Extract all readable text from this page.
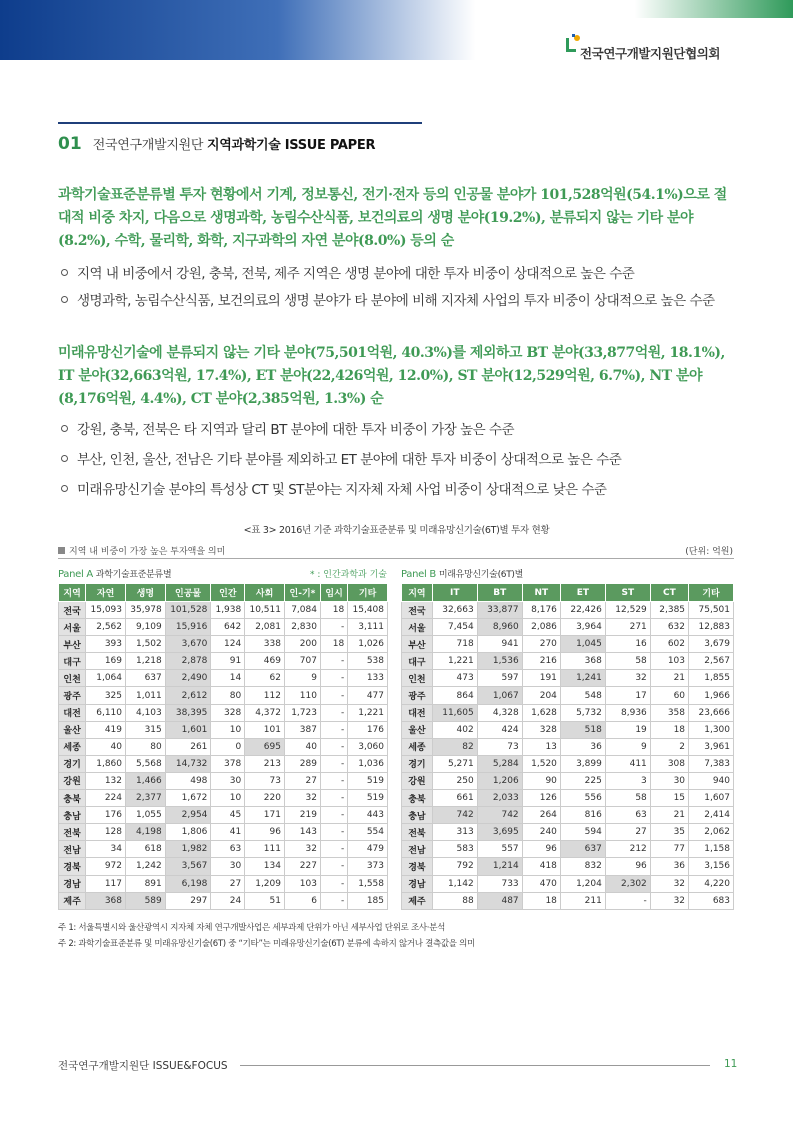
전국연구개발지원단협의회
01 전국연구개발지원단 지역과학기술 ISSUE PAPER
과학기술표준분류별 투자 현황에서 기계, 정보통신, 전기·전자 등의 인공물 분야가 101,528억원(54.1%)으로 절대적 비중 차지, 다음으로 생명과학, 농림수산식품, 보건의료의 생명 분야(19.2%), 분류되지 않는 기타 분야(8.2%), 수학, 물리학, 화학, 지구과학의 자연 분야(8.0%) 등의 순
지역 내 비중에서 강원, 충북, 전북, 제주 지역은 생명 분야에 대한 투자 비중이 상대적으로 높은 수준
생명과학, 농림수산식품, 보건의료의 생명 분야가 타 분야에 비해 지자체 사업의 투자 비중이 상대적으로 높은 수준
미래유망신기술에 분류되지 않는 기타 분야(75,501억원, 40.3%)를 제외하고 BT 분야(33,877억원, 18.1%), IT 분야(32,663억원, 17.4%), ET 분야(22,426억원, 12.0%), ST 분야(12,529억원, 6.7%), NT 분야(8,176억원, 4.4%), CT 분야(2,385억원, 1.3%) 순
강원, 충북, 전북은 타 지역과 달리 BT 분야에 대한 투자 비중이 가장 높은 수준
부산, 인천, 울산, 전남은 기타 분야를 제외하고 ET 분야에 대한 투자 비중이 상대적으로 높은 수준
미래유망신기술 분야의 특성상 CT 및 ST분야는 지자체 자체 사업 비중이 상대적으로 낮은 수준
<표 3> 2016년 기준 과학기술표준분류 및 미래유망신기술(6T)별 투자 현황
지역 내 비중이 가장 높은 투자액을 의미	(단위: 억원)
Panel A 과학기술표준분류별	* : 인간과학과 기술 Panel B 미래유망신기술(6T)별
지역	자연	생명	인공물	인간	사회	인-기*	임시	기타
전국	15,093	35,978	101,528	1,938	10,511	7,084	18	15,408
서울	2,562	9,109	15,916	642	2,081	2,830	-	3,111
부산	393	1,502	3,670	124	338	200	18	1,026
대구	169	1,218	2,878	91	469	707	-	538
인천	1,064	637	2,490	14	62	9	-	133
광주	325	1,011	2,612	80	112	110	-	477
대전	6,110	4,103	38,395	328	4,372	1,723	-	1,221
울산	419	315	1,601	10	101	387	-	176
세종	40	80	261	0	695	40	-	3,060
경기	1,860	5,568	14,732	378	213	289	-	1,036
강원	132	1,466	498	30	73	27	-	519
충북	224	2,377	1,672	10	220	32	-	519
충남	176	1,055	2,954	45	171	219	-	443
전북	128	4,198	1,806	41	96	143	-	554
전남	34	618	1,982	63	111	32	-	479
경북	972	1,242	3,567	30	134	227	-	373
경남	117	891	6,198	27	1,209	103	-	1,558
제주	368	589	297	24	51	6	-	185
지역	IT	BT	NT	ET	ST	CT	기타
전국	32,663	33,877	8,176	22,426	12,529	2,385	75,501
서울	7,454	8,960	2,086	3,964	271	632	12,883
부산	718	941	270	1,045	16	602	3,679
대구	1,221	1,536	216	368	58	103	2,567
인천	473	597	191	1,241	32	21	1,855
광주	864	1,067	204	548	17	60	1,966
대전	11,605	4,328	1,628	5,732	8,936	358	23,666
울산	402	424	328	518	19	18	1,300
세종	82	73	13	36	9	2	3,961
경기	5,271	5,284	1,520	3,899	411	308	7,383
강원	250	1,206	90	225	3	30	940
충북	661	2,033	126	556	58	15	1,607
충남	742	742	264	816	63	21	2,414
전북	313	3,695	240	594	27	35	2,062
전남	583	557	96	637	212	77	1,158
경북	792	1,214	418	832	96	36	3,156
경남	1,142	733	470	1,204	2,302	32	4,220
제주	88	487	18	211	-	32	683
주 1: 서울특별시와 울산광역시 지자체 자체 연구개발사업은 세부과제 단위가 아닌 세부사업 단위로 조사·분석
주 2: 과학기술표준분류 및 미래유망신기술(6T) 중 “기타”는 미래유망신기술(6T) 분류에 속하지 않거나 결측값을 의미
전국연구개발지원단 ISSUE&FOCUS	11
